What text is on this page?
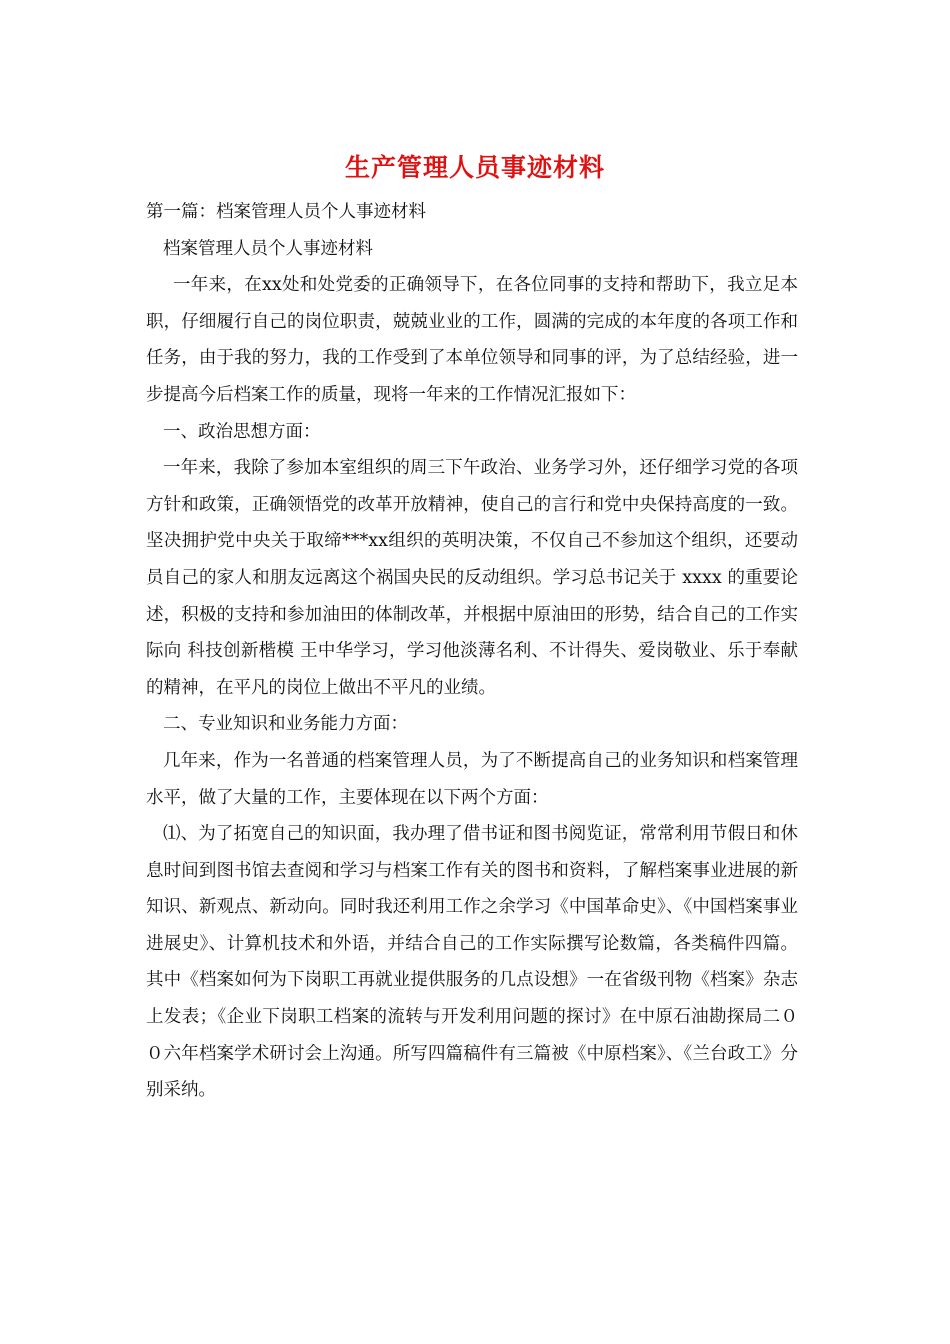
生产管理人员事迹材料

第一篇：档案管理人员个人事迹材料

档案管理人员个人事迹材料

一年来，在xx处和处党委的正确领导下，在各位同事的支持和帮助下，我立足本职，仔细履行自己的岗位职责，兢兢业业的工作，圆满的完成的本年度的各项工作和任务，由于我的努力，我的工作受到了本单位领导和同事的评，为了总结经验，进一步提高今后档案工作的质量，现将一年来的工作情况汇报如下：

一、政治思想方面：

一年来，我除了参加本室组织的周三下午政治、业务学习外，还仔细学习党的各项方针和政策，正确领悟党的改革开放精神，使自己的言行和党中央保持高度的一致。坚决拥护党中央关于取缔***xx组织的英明决策，不仅自己不参加这个组织，还要动员自己的家人和朋友远离这个祸国央民的反动组织。学习总书记关于 xxxx 的重要论述，积极的支持和参加油田的体制改革，并根据中原油田的形势，结合自己的工作实际向 科技创新楷模 王中华学习，学习他淡薄名利、不计得失、爱岗敬业、乐于奉献的精神，在平凡的岗位上做出不平凡的业绩。

二、专业知识和业务能力方面：

几年来，作为一名普通的档案管理人员，为了不断提高自己的业务知识和档案管理水平，做了大量的工作，主要体现在以下两个方面：

⑴、为了拓宽自己的知识面，我办理了借书证和图书阅览证，常常利用节假日和休息时间到图书馆去查阅和学习与档案工作有关的图书和资料，了解档案事业进展的新知识、新观点、新动向。同时我还利用工作之余学习《中国革命史》、《中国档案事业进展史》、计算机技术和外语，并结合自己的工作实际撰写论数篇，各类稿件四篇。其中《档案如何为下岗职工再就业提供服务的几点设想》一在省级刊物《档案》杂志上发表；《企业下岗职工档案的流转与开发利用问题的探讨》在中原石油勘探局二００六年档案学术研讨会上沟通。所写四篇稿件有三篇被《中原档案》、《兰台政工》分别采纳。
